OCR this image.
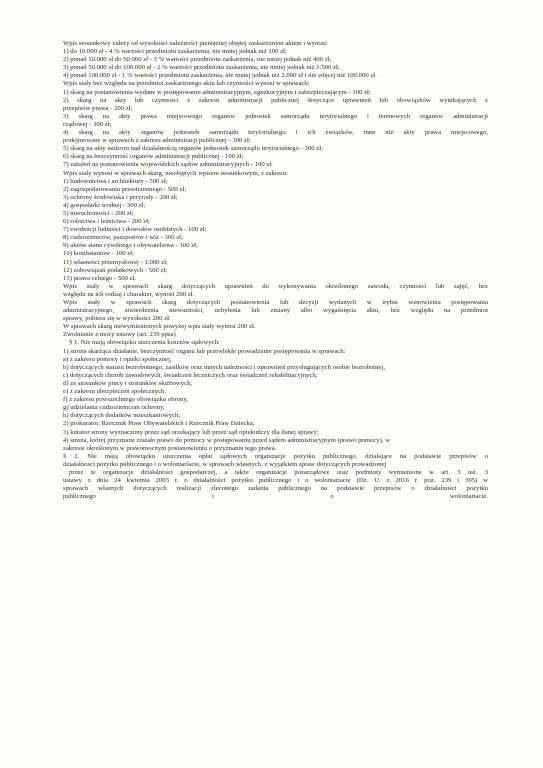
Wpis stosunkowy zależy od wysokości należności pieniężnej objętej zaskarżonym aktem i wynosi:
1) do 10.000 zł - 4 % wartości przedmiotu zaskarżenia, nie mniej jednak niż 100 zł;
2) ponad 10.000 zł do 50.000 zł - 3 % wartości przedmiotu zaskarżenia, nie mniej jednak niż 400 zł;
3) ponad 50.000 zł do 100.000 zł - 2 % wartości przedmiotu zaskarżenia, nie mniej jednak niż 1.500 zł;
4) ponad 100.000 zł - 1 % wartości przedmiotu zaskarżenia, nie mniej jednak niż 2.000 zł i nie więcej niż 100.000 zł.
Wpis stały bez względu na przedmiot zaskarżonego aktu lub czynności wynosi w sprawach:
1) skarg na postanowienia wydane w postępowaniu administracyjnym, egzekucyjnym i zabezpieczającym - 100 zł;
2) skarg na akty lub czynności z zakresu administracji publicznej dotyczące uprawnień lub obowiązków wynikających z
przepisów prawa - 200 zł;
3) skarg na akty prawa miejscowego organów jednostek samorządu terytorialnego i terenowych organów administracji
rządowej - 300 zł;
4) skarg na akty organów jednostek samorządu terytorialnego i ich związków, inne niż akty prawa miejscowego,
podejmowane w sprawach z zakresu administracji publicznej - 300 zł;
5) skarg na akty nadzoru nad działalnością organów jednostek samorządu terytorialnego - 300 zł;
6) skarg na bezczynność organów administracji publicznej - 100 zł;
7) zażaleń na postanowienia wojewódzkich sądów administracyjnych - 100 zł.
Wpis stały wynosi w sprawach skarg, nieobjętych wpisem stosunkowym, z zakresu:
1) budownictwa i architektury - 500 zł;
2) zagospodarowania przestrzennego - 500 zł;
3) ochrony środowiska i przyrody - 200 zł;
4) gospodarki wodnej - 300 zł;
5) nieruchomości - 200 zł;
6) rolnictwa i leśnictwa - 200 zł;
7) ewidencji ludności i dowodów osobistych - 100 zł;
8) cudzoziemców, paszportów i wiz - 300 zł;
9) aktów stanu cywilnego i obywatelstwa - 100 zł;
10) kombatantów - 100 zł;
11) własności przemysłowej - 1.000 zł;
12) zobowiązań podatkowych - 500 zł;
13) prawa celnego - 500 zł.
Wpis stały w sprawach skarg dotyczących uprawnień do wykonywania określonego zawodu, czynności lub zajęć, bez
względu na ich rodzaj i charakter, wynosi 200 zł.
Wpis stały w sprawach skarg dotyczących postanowienia lub decyzji wydanych w trybie wznowienia postępowania
administracyjnego, stwierdzenia nieważności, uchylenia lub zmiany albo wygaśnięcia aktu, bez względu na przedmiot
sprawy, pobiera się w wysokości 200 zł.
W sprawach skarg niewymienionych powyżej wpis stały wynosi 200 zł.
Zwolnienie z mocy ustawy (art. 239 ppsa)
§ 1. Nie mają obowiązku uiszczenia kosztów sądowych:
1) strona skarżąca działanie, bezczynność organu lub przewlekłe prowadzenie postępowania w sprawach:
a) z zakresu pomocy i opieki społecznej,
b) dotyczących statusu bezrobotnego, zasiłków oraz innych należności i uprawnień przysługujących osobie bezrobotnej,
c) dotyczących chorób zawodowych, świadczeń leczniczych oraz świadczeń rehabilitacyjnych,
d) ze stosunków pracy i stosunków służbowych,
e) z zakresu ubezpieczeń społecznych,
f) z zakresu powszechnego obowiązku obrony,
g) udzielania cudzoziemcom ochrony,
h) dotyczących dodatków mieszkaniowych;
2) prokurator, Rzecznik Praw Obywatelskich i Rzecznik Praw Dziecka;
3) kurator strony wyznaczony przez sąd orzekający lub przez sąd opiekuńczy dla danej sprawy;
4) strona, której przyznane zostało prawo do pomocy w postępowaniu przed sądem administracyjnym (prawo pomocy), w
zakresie określonym w prawomocnym postanowieniu o przyznaniu tego prawa.
§ 2. Nie mają obowiązku uiszczenia opłat sądowych organizacje pożytku publicznego, działające na podstawie przepisów o
działalności pożytku publicznego i o wolontariacie, w sprawach własnych, z wyjątkiem spraw dotyczących prowadzonej
przez te organizacje działalności gospodarczej, a także organizacje pozarządowe oraz podmioty wymienione w art. 3 ust. 3
ustawy z dnia 24 kwietnia 2003 r. o działalności pożytku publicznego i o wolontariacie (Dz. U. z 2016 r. poz. 239 i 395) w
sprawach własnych dotyczących realizacji zleconego zadania publicznego na podstawie przepisów o działalności pożytku
publicznego i o wolontariacie.
